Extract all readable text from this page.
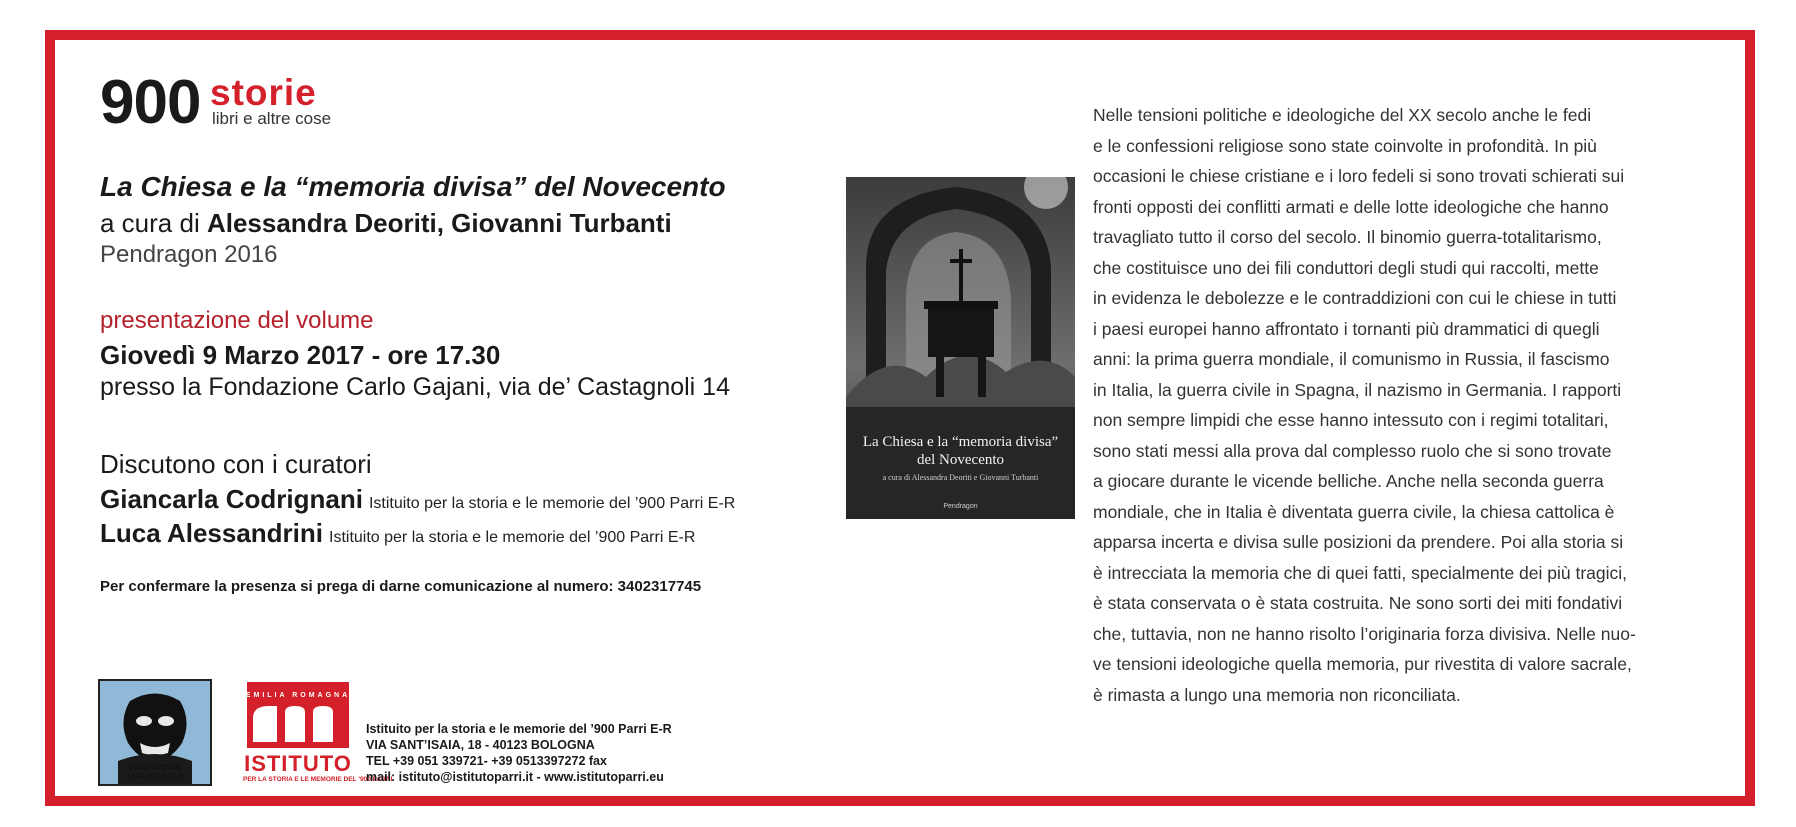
900 storie
libri e altre cose
La Chiesa e la “memoria divisa” del Novecento
a cura di Alessandra Deoriti, Giovanni Turbanti
Pendragon 2016
presentazione del volume
Giovedì 9 Marzo 2017 - ore 17.30
presso la Fondazione Carlo Gajani, via de’ Castagnoli 14
Discutono con i curatori
Giancarla Codrignani Istituito per la storia e le memorie del ’900 Parri E-R
Luca Alessandrini Istituito per la storia e le memorie del ’900 Parri E-R
Per confermare la presenza si prega di darne comunicazione al numero: 3402317745
La Chiesa e la “memoria divisa”
del Novecento
a cura di Alessandra Deoriti e Giovanni Turbanti
Pendragon
Nelle tensioni politiche e ideologiche del XX secolo anche le fedi
e le confessioni religiose sono state coinvolte in profondità. In più
occasioni le chiese cristiane e i loro fedeli si sono trovati schierati sui
fronti opposti dei conflitti armati e delle lotte ideologiche che hanno
travagliato tutto il corso del secolo. Il binomio guerra-totalitarismo,
che costituisce uno dei fili conduttori degli studi qui raccolti, mette
in evidenza le debolezze e le contraddizioni con cui le chiese in tutti
i paesi europei hanno affrontato i tornanti più drammatici di quegli
anni: la prima guerra mondiale, il comunismo in Russia, il fascismo
in Italia, la guerra civile in Spagna, il nazismo in Germania. I rapporti
non sempre limpidi che esse hanno intessuto con i regimi totalitari,
sono stati messi alla prova dal complesso ruolo che si sono trovate
a giocare durante le vicende belliche. Anche nella seconda guerra
mondiale, che in Italia è diventata guerra civile, la chiesa cattolica è
apparsa incerta e divisa sulle posizioni da prendere. Poi alla storia si
è intrecciata la memoria che di quei fatti, specialmente dei più tragici,
è stata conservata o è stata costruita. Ne sono sorti dei miti fondativi
che, tuttavia, non ne hanno risolto l’originaria forza divisiva. Nelle nuo-
ve tensioni ideologiche quella memoria, pur rivestita di valore sacrale,
è rimasta a lungo una memoria non riconciliata.
FONDAZIONE
CARLO GAJANI
EMILIA ROMAGNA
ISTITUTO
PER LA STORIA E LE MEMORIE DEL ’900 PARRI
Istituito per la storia e le memorie del ’900 Parri E-R
VIA SANT’ISAIA, 18 - 40123 BOLOGNA
TEL +39 051 339721- +39 0513397272 fax
mail: istituto@istitutoparri.it - www.istitutoparri.eu
